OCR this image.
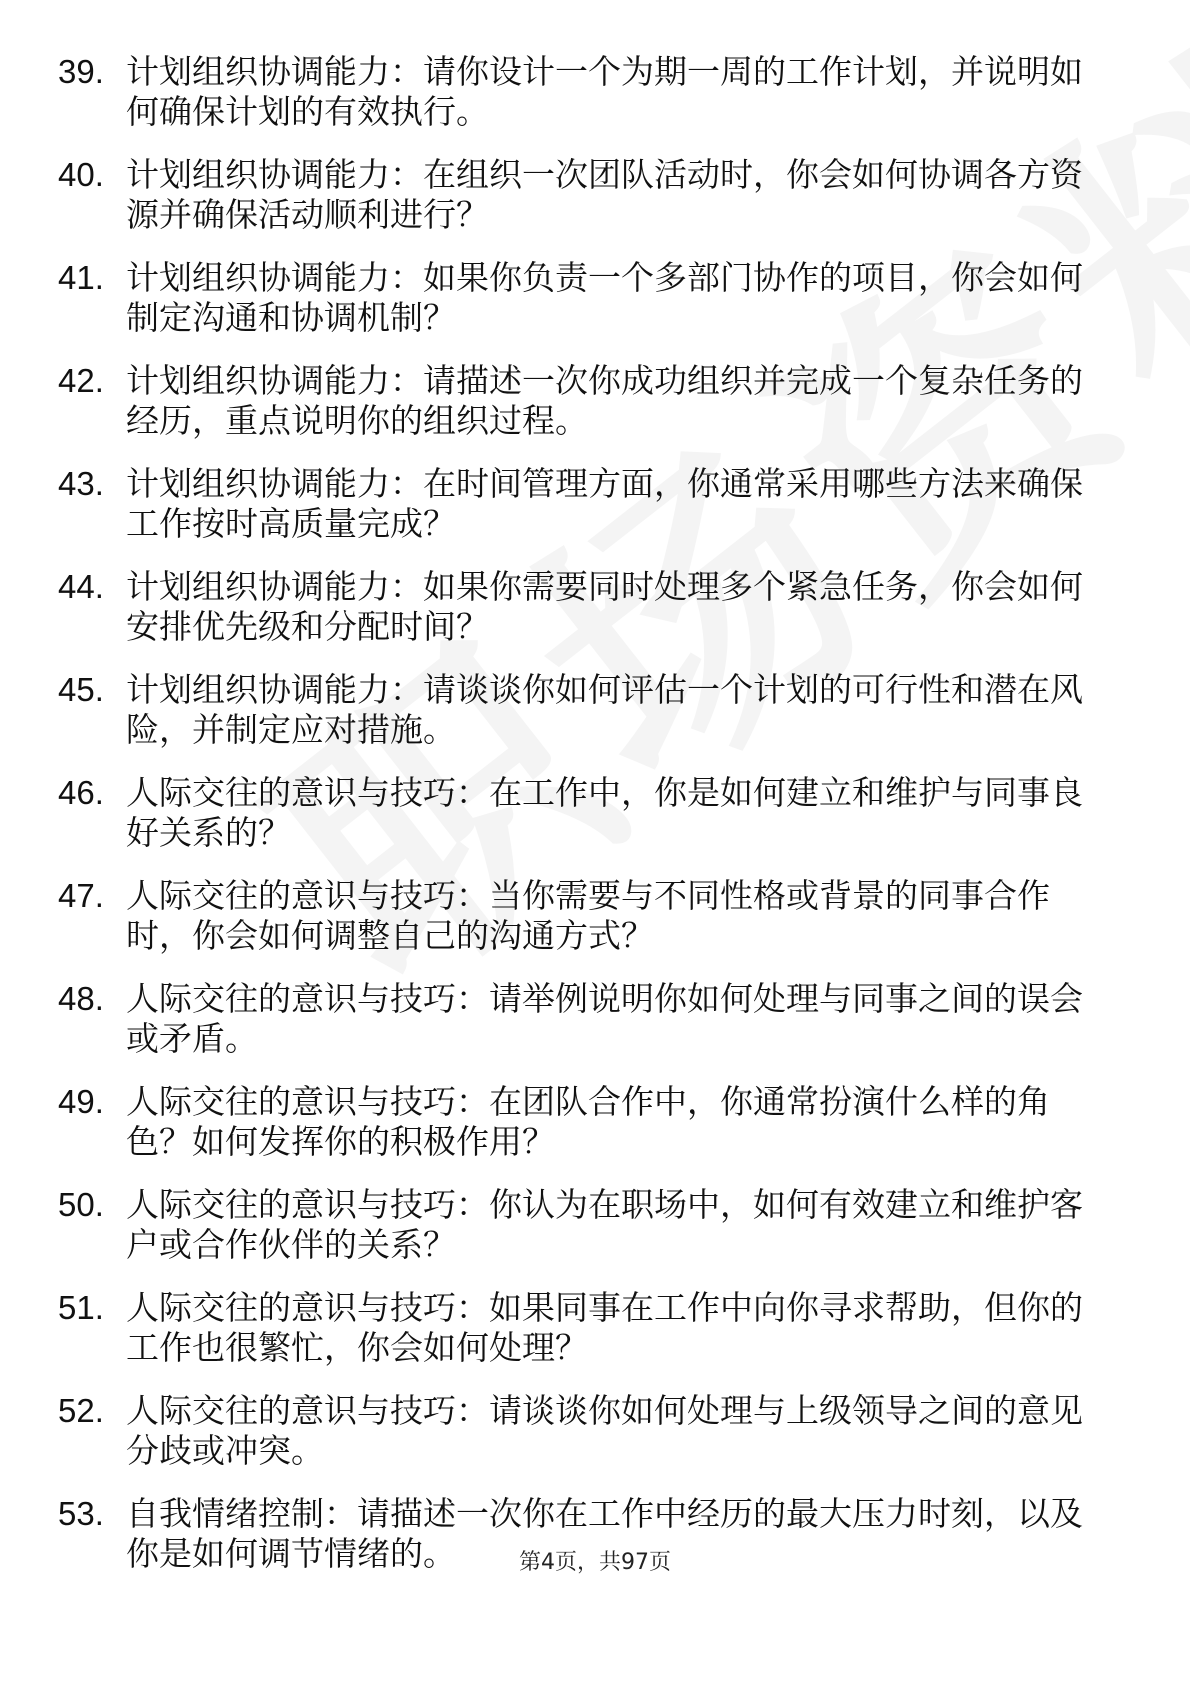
39. 计划组织协调能力：请你设计一个为期一周的工作计划，并说明如何确保计划的有效执行。
40. 计划组织协调能力：在组织一次团队活动时，你会如何协调各方资源并确保活动顺利进行？
41. 计划组织协调能力：如果你负责一个多部门协作的项目，你会如何制定沟通和协调机制？
42. 计划组织协调能力：请描述一次你成功组织并完成一个复杂任务的经历，重点说明你的组织过程。
43. 计划组织协调能力：在时间管理方面，你通常采用哪些方法来确保工作按时高质量完成？
44. 计划组织协调能力：如果你需要同时处理多个紧急任务，你会如何安排优先级和分配时间？
45. 计划组织协调能力：请谈谈你如何评估一个计划的可行性和潜在风险，并制定应对措施。
46. 人际交往的意识与技巧：在工作中，你是如何建立和维护与同事良好关系的？
47. 人际交往的意识与技巧：当你需要与不同性格或背景的同事合作时，你会如何调整自己的沟通方式？
48. 人际交往的意识与技巧：请举例说明你如何处理与同事之间的误会或矛盾。
49. 人际交往的意识与技巧：在团队合作中，你通常扮演什么样的角色？如何发挥你的积极作用？
50. 人际交往的意识与技巧：你认为在职场中，如何有效建立和维护客户或合作伙伴的关系？
51. 人际交往的意识与技巧：如果同事在工作中向你寻求帮助，但你的工作也很繁忙，你会如何处理？
52. 人际交往的意识与技巧：请谈谈你如何处理与上级领导之间的意见分歧或冲突。
53. 自我情绪控制：请描述一次你在工作中经历的最大压力时刻，以及你是如何调节情绪的。	第4页，共97页
